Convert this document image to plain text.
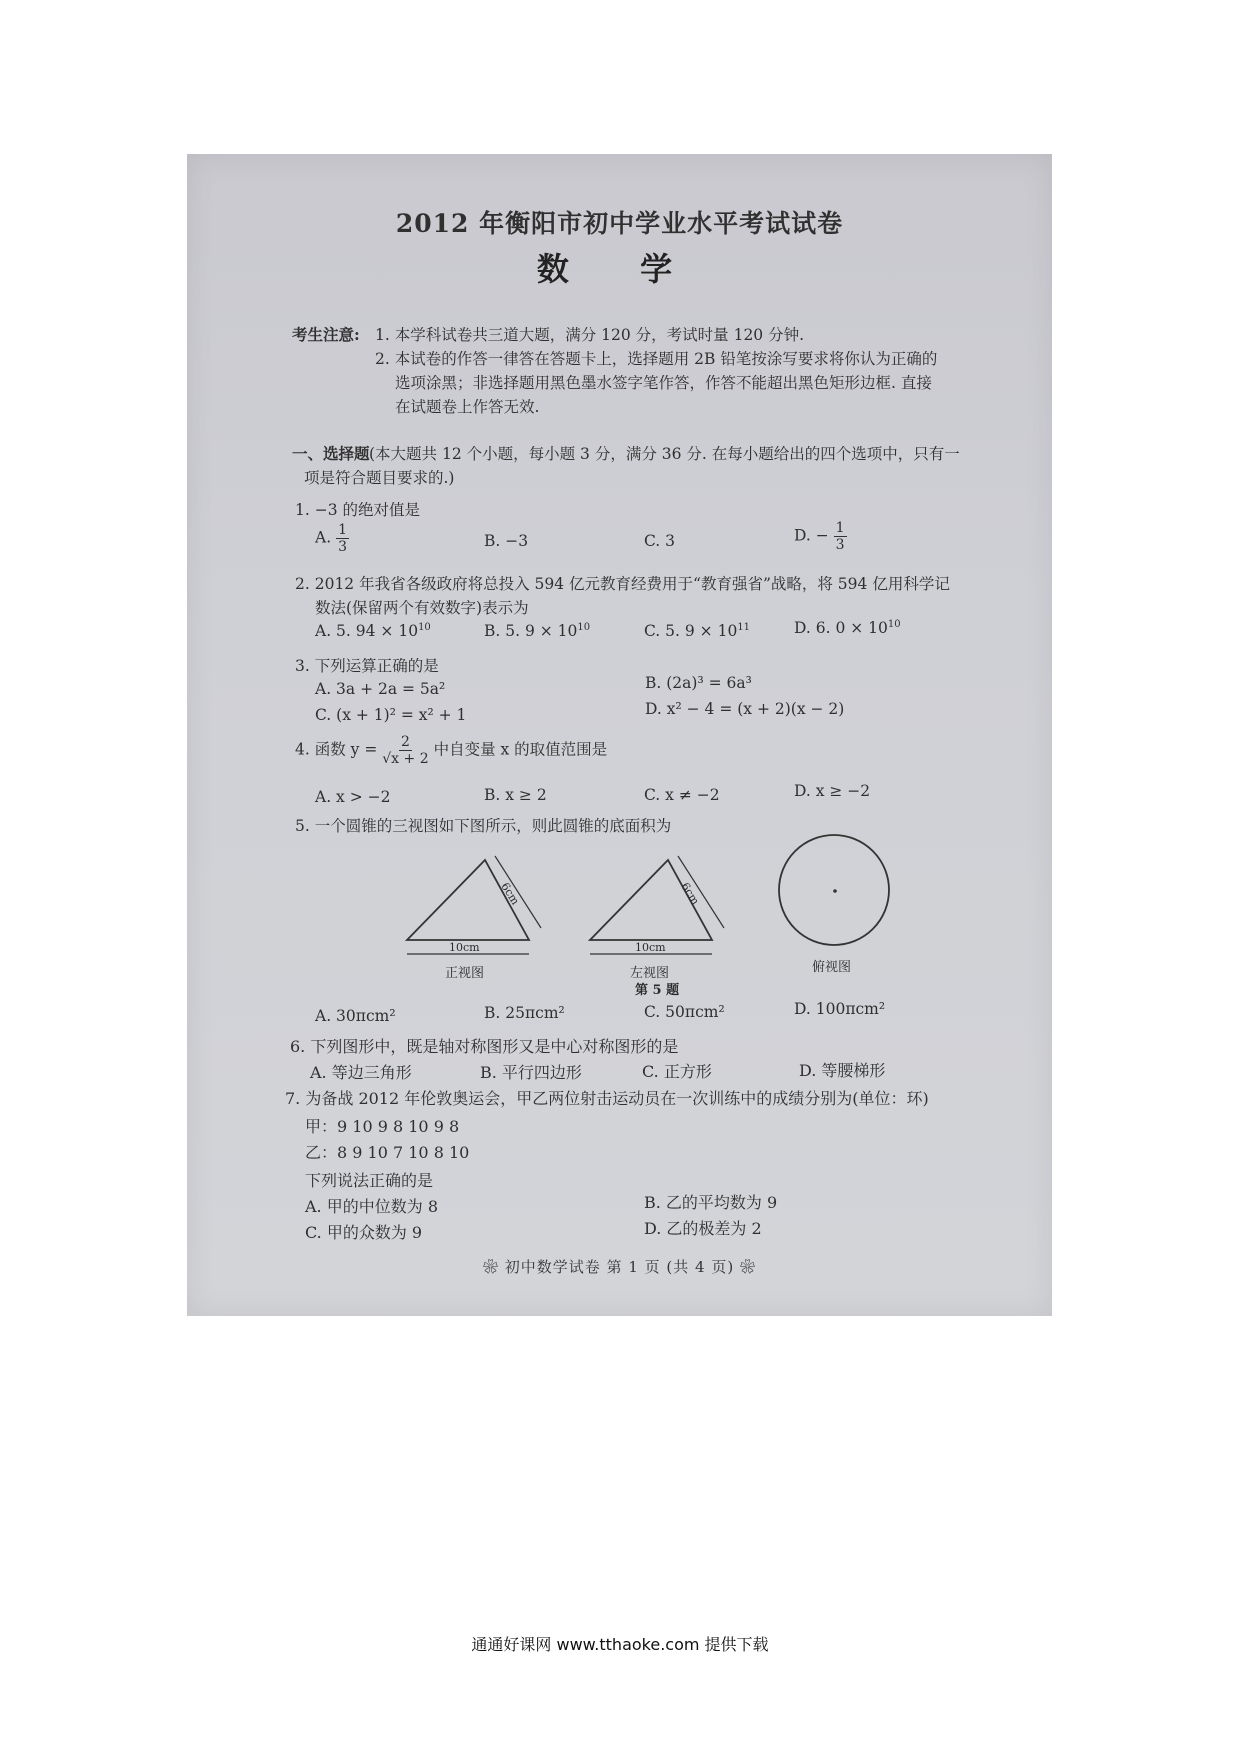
2012 年衡阳市初中学业水平考试试卷
数 学
考生注意: 1. 本学科试卷共三道大题，满分 120 分，考试时量 120 分钟.
2. 本试卷的作答一律答在答题卡上，选择题用 2B 铅笔按涂写要求将你认为正确的
选项涂黑；非选择题用黑色墨水签字笔作答，作答不能超出黑色矩形边框. 直接
在试题卷上作答无效.
一、选择题 (本大题共 12 个小题，每小题 3 分，满分 36 分. 在每小题给出的四个选项中，只有一
项是符合题目要求的.)
1. −3 的绝对值是
A. $\frac{1}{3}$	B. −3	C. 3	D. − $\frac{1}{3}$
2. 2012 年我省各级政府将总投入 594 亿元教育经费用于“教育强省”战略，将 594 亿用科学记
数法(保留两个有效数字)表示为
A. 5. $94 \times 10^{10}$	B. 5. $9 \times 10^{10}$	C. 5. $9 \times 10^{11}$	D. 6. $0 \times 10^{10}$
3. 下列运算正确的是
A. 3a + 2a = 5a²	B. (2a)³ = 6a³
C. (x + 1)² = x² + 1	D. x² − 4 = (x + 2)(x − 2)
4. 函数 $y = \frac{2}{√x + 2}$ 中自变量 x 的取值范围是
A. x > −2	B. x ≥ 2	C. x ≠ −2	D. x ≥ −2
5. 一个圆锥的三视图如下图所示，则此圆锥的底面积为
10cm
6cm
正视图
10cm
6cm
左视图
第 5 题
俯视图
A. 30πcm²	B. 25πcm²	C. 50πcm²	D. 100πcm²
6. 下列图形中，既是轴对称图形又是中心对称图形的是
A. 等边三角形	B. 平行四边形	C. 正方形	D. 等腰梯形
7. 为备战 2012 年伦敦奥运会，甲乙两位射击运动员在一次训练中的成绩分别为(单位：环)
甲：9 10 9 8 10 9 8
乙：8 9 10 7 10 8 10
下列说法正确的是
A. 甲的中位数为 8	B. 乙的平均数为 9
C. 甲的众数为 9	D. 乙的极差为 2
❀ 初中数学试卷 第 1 页 (共 4 页) ❀
通通好课网 www.tthaoke.com 提供下载
